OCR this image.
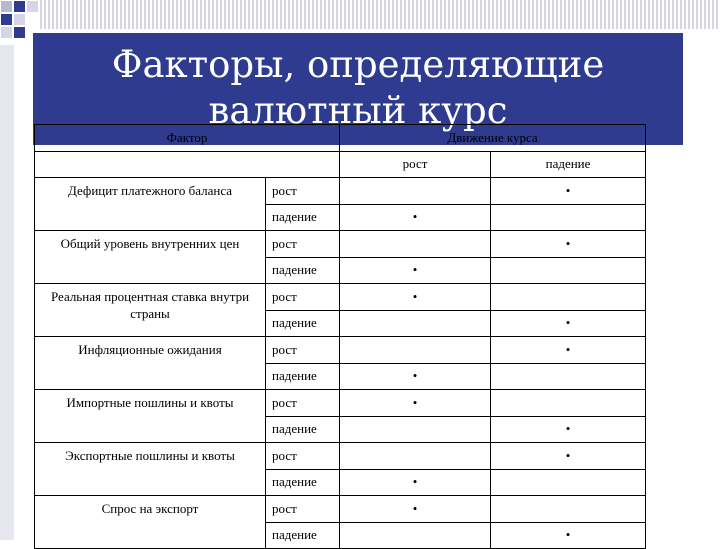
Факторы, определяющие валютный курс
Фактор		Движение курса	
		рост	падение
Дефицит платежного баланса	рост		•
	падение	•	
Общий уровень внутренних цен	рост		•
	падение	•	
Реальная процентная ставка внутри страны	рост	•	
	падение		•
Инфляционные ожидания	рост		•
	падение	•	
Импортные пошлины и квоты	рост	•	
	падение		•
Экспортные пошлины и квоты	рост		•
	падение	•	
Спрос на экспорт	рост	•	
	падение		•
